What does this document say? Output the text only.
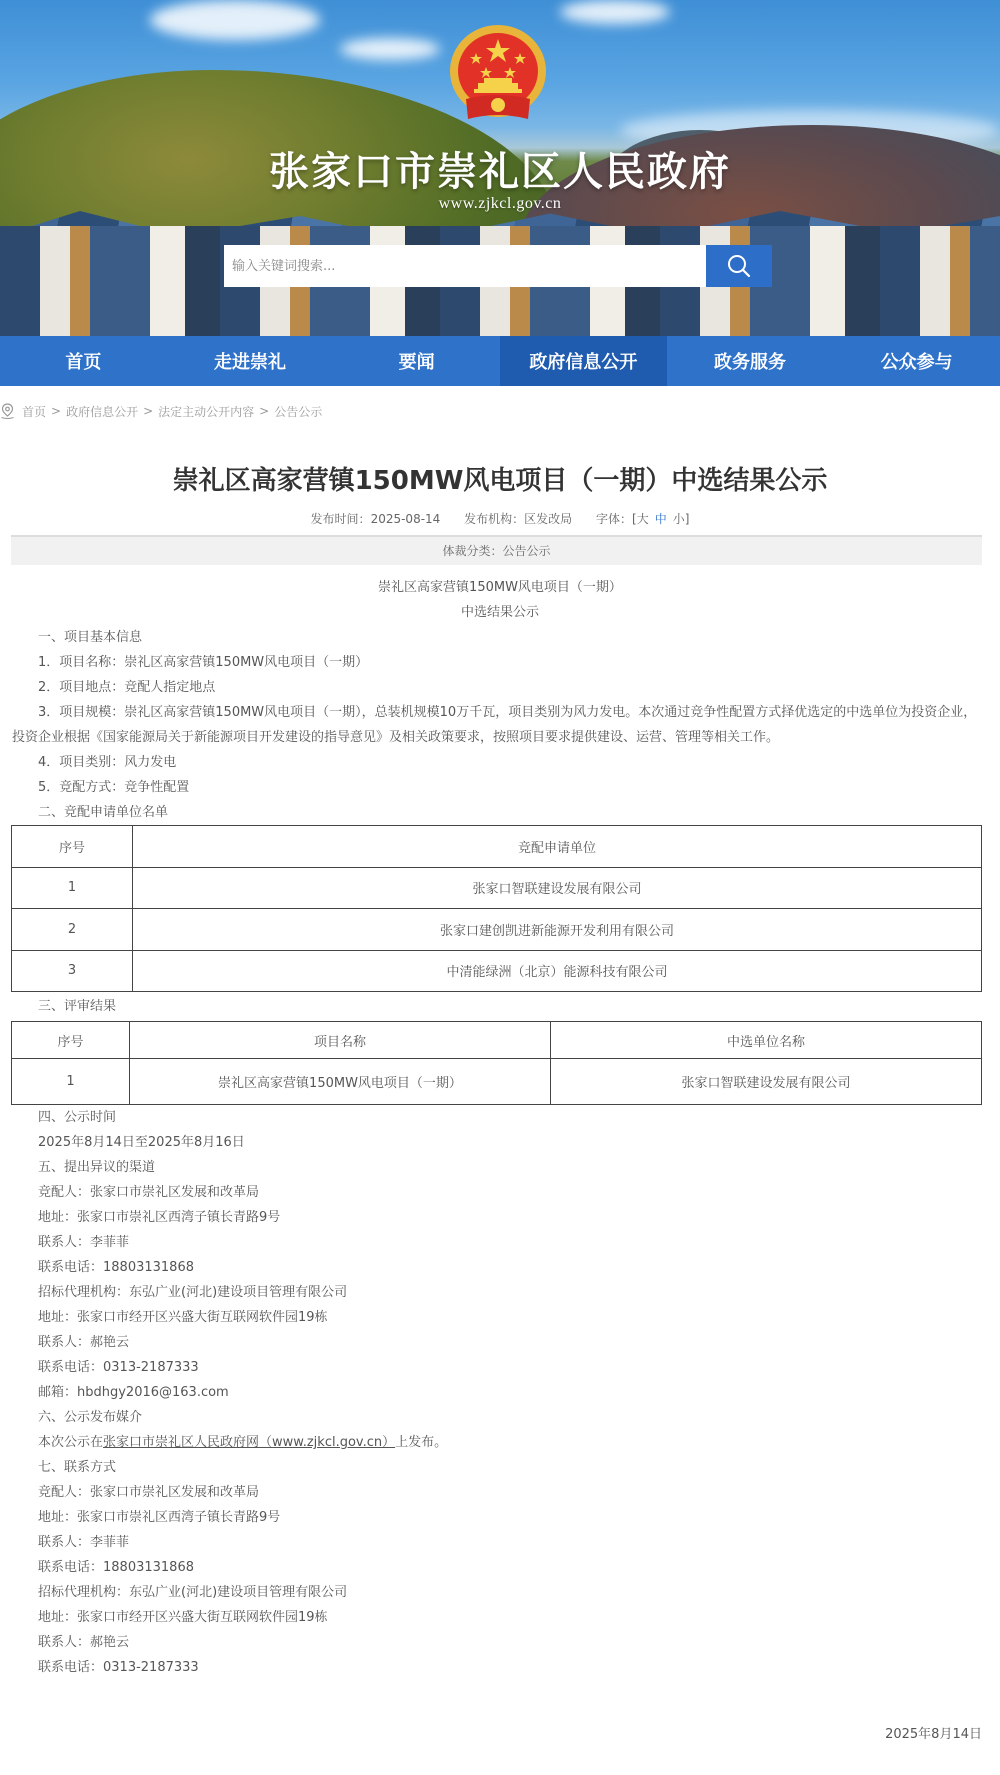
张家口市崇礼区人民政府
www.zjkcl.gov.cn
输入关键词搜索...
首页	走进崇礼	要闻	政府信息公开	政务服务	公众参与
首页 > 政府信息公开 > 法定主动公开内容 > 公告公示
崇礼区高家营镇150MW风电项目（一期）中选结果公示
发布时间：2025-08-14 发布机构：区发改局 字体：[大 中 小]
体裁分类：公告公示
崇礼区高家营镇150MW风电项目（一期）
中选结果公示
一、项目基本信息
1．项目名称：崇礼区高家营镇150MW风电项目（一期）
2．项目地点：竞配人指定地点
3．项目规模：崇礼区高家营镇150MW风电项目（一期），总装机规模10万千瓦，项目类别为风力发电。本次通过竞争性配置方式择优选定的中选单位为投资企业，投资企业根据《国家能源局关于新能源项目开发建设的指导意见》及相关政策要求，按照项目要求提供建设、运营、管理等相关工作。
4．项目类别：风力发电
5．竞配方式：竞争性配置
二、竞配申请单位名单
序号	竞配申请单位
1	张家口智联建设发展有限公司
2	张家口建创凯进新能源开发利用有限公司
3	中清能绿洲（北京）能源科技有限公司
三、评审结果
序号	项目名称	中选单位名称
1	崇礼区高家营镇150MW风电项目（一期）	张家口智联建设发展有限公司
四、公示时间
2025年8月14日至2025年8月16日
五、提出异议的渠道
竞配人：张家口市崇礼区发展和改革局
地址：张家口市崇礼区西湾子镇长青路9号
联系人：李菲菲
联系电话：18803131868
招标代理机构：东弘广业(河北)建设项目管理有限公司
地址：张家口市经开区兴盛大街互联网软件园19栋
联系人：郝艳云
联系电话：0313-2187333
邮箱：hbdhgy2016@163.com
六、公示发布媒介
本次公示在张家口市崇礼区人民政府网（www.zjkcl.gov.cn）上发布。
七、联系方式
竞配人：张家口市崇礼区发展和改革局
地址：张家口市崇礼区西湾子镇长青路9号
联系人：李菲菲
联系电话：18803131868
招标代理机构：东弘广业(河北)建设项目管理有限公司
地址：张家口市经开区兴盛大街互联网软件园19栋
联系人：郝艳云
联系电话：0313-2187333
2025年8月14日
